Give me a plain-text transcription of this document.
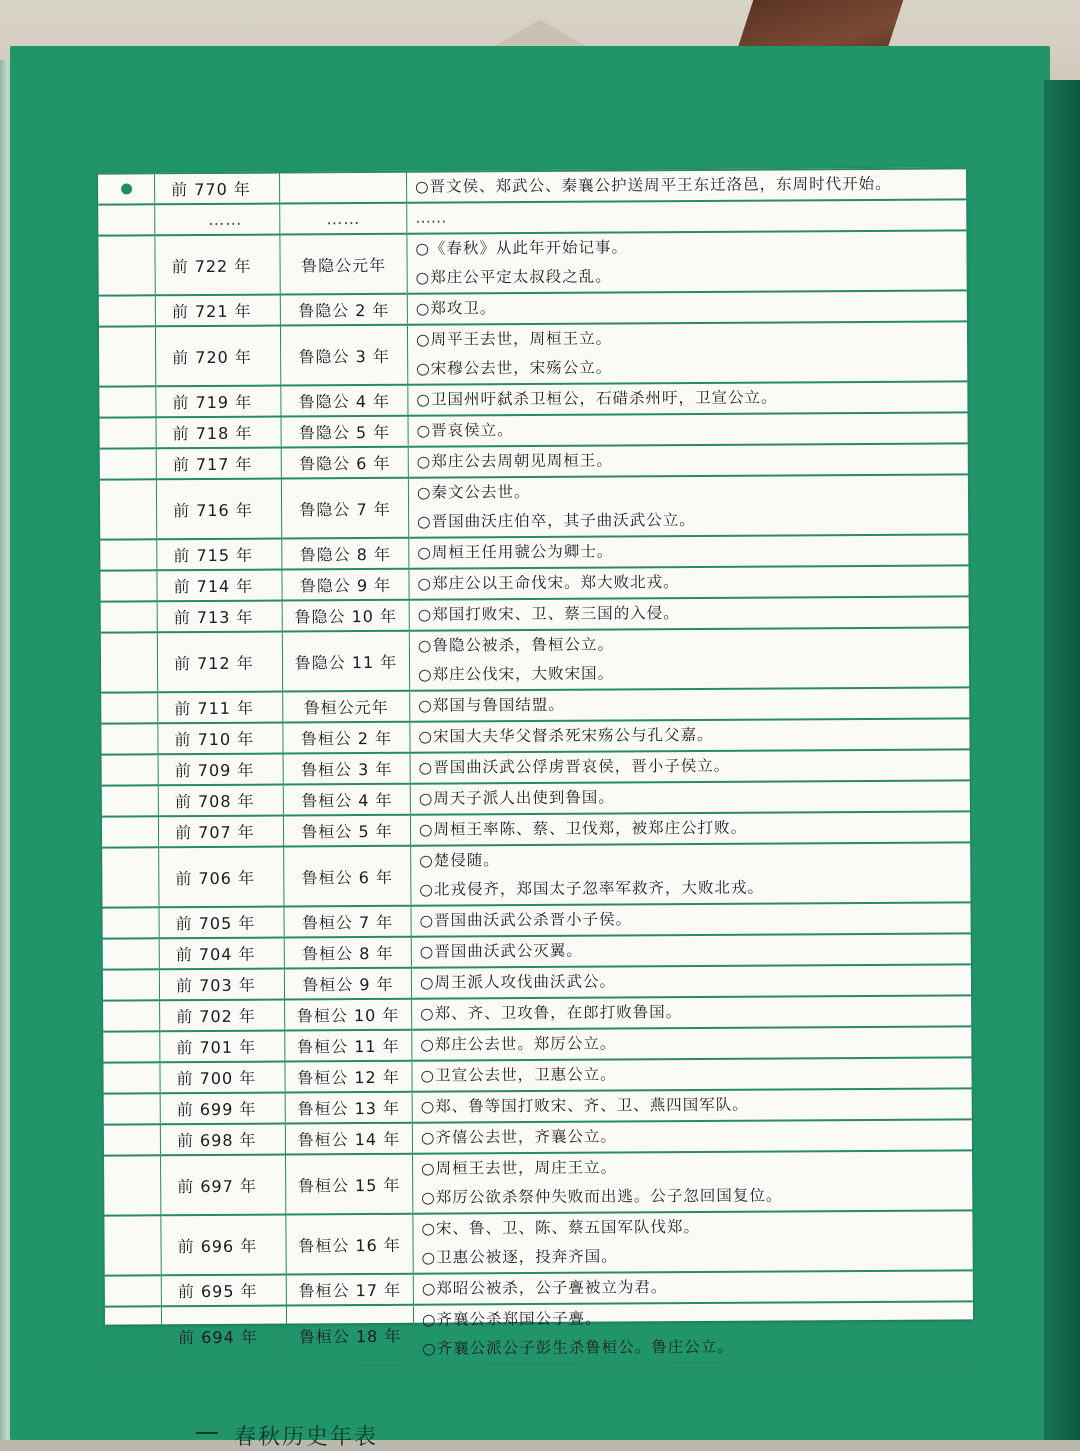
	前 770 年		○晋文侯、郑武公、秦襄公护送周平王东迁洛邑，东周时代开始。

	……	……	……

	前 722 年	鲁隐公元年	○《春秋》从此年开始记事。
○郑庄公平定太叔段之乱。

	前 721 年	鲁隐公 2 年	○郑攻卫。

	前 720 年	鲁隐公 3 年	○周平王去世，周桓王立。
○宋穆公去世，宋殇公立。

	前 719 年	鲁隐公 4 年	○卫国州吁弑杀卫桓公，石碏杀州吁，卫宣公立。

	前 718 年	鲁隐公 5 年	○晋哀侯立。

	前 717 年	鲁隐公 6 年	○郑庄公去周朝见周桓王。

	前 716 年	鲁隐公 7 年	○秦文公去世。
○晋国曲沃庄伯卒，其子曲沃武公立。

	前 715 年	鲁隐公 8 年	○周桓王任用虢公为卿士。

	前 714 年	鲁隐公 9 年	○郑庄公以王命伐宋。郑大败北戎。

	前 713 年	鲁隐公 10 年	○郑国打败宋、卫、蔡三国的入侵。

	前 712 年	鲁隐公 11 年	○鲁隐公被杀，鲁桓公立。
○郑庄公伐宋，大败宋国。

	前 711 年	鲁桓公元年	○郑国与鲁国结盟。

	前 710 年	鲁桓公 2 年	○宋国大夫华父督杀死宋殇公与孔父嘉。

	前 709 年	鲁桓公 3 年	○晋国曲沃武公俘虏晋哀侯，晋小子侯立。

	前 708 年	鲁桓公 4 年	○周天子派人出使到鲁国。

	前 707 年	鲁桓公 5 年	○周桓王率陈、蔡、卫伐郑，被郑庄公打败。

	前 706 年	鲁桓公 6 年	○楚侵随。
○北戎侵齐，郑国太子忽率军救齐，大败北戎。

	前 705 年	鲁桓公 7 年	○晋国曲沃武公杀晋小子侯。

	前 704 年	鲁桓公 8 年	○晋国曲沃武公灭翼。

	前 703 年	鲁桓公 9 年	○周王派人攻伐曲沃武公。

	前 702 年	鲁桓公 10 年	○郑、齐、卫攻鲁，在郎打败鲁国。

	前 701 年	鲁桓公 11 年	○郑庄公去世。郑厉公立。

	前 700 年	鲁桓公 12 年	○卫宣公去世，卫惠公立。

	前 699 年	鲁桓公 13 年	○郑、鲁等国打败宋、齐、卫、燕四国军队。

	前 698 年	鲁桓公 14 年	○齐僖公去世，齐襄公立。

	前 697 年	鲁桓公 15 年	○周桓王去世，周庄王立。
○郑厉公欲杀祭仲失败而出逃。公子忽回国复位。

	前 696 年	鲁桓公 16 年	○宋、鲁、卫、陈、蔡五国军队伐郑。
○卫惠公被逐，投奔齐国。

	前 695 年	鲁桓公 17 年	○郑昭公被杀，公子亹被立为君。

	前 694 年	鲁桓公 18 年	○齐襄公杀郑国公子亹。
○齐襄公派公子彭生杀鲁桓公。鲁庄公立。
春秋历史年表
